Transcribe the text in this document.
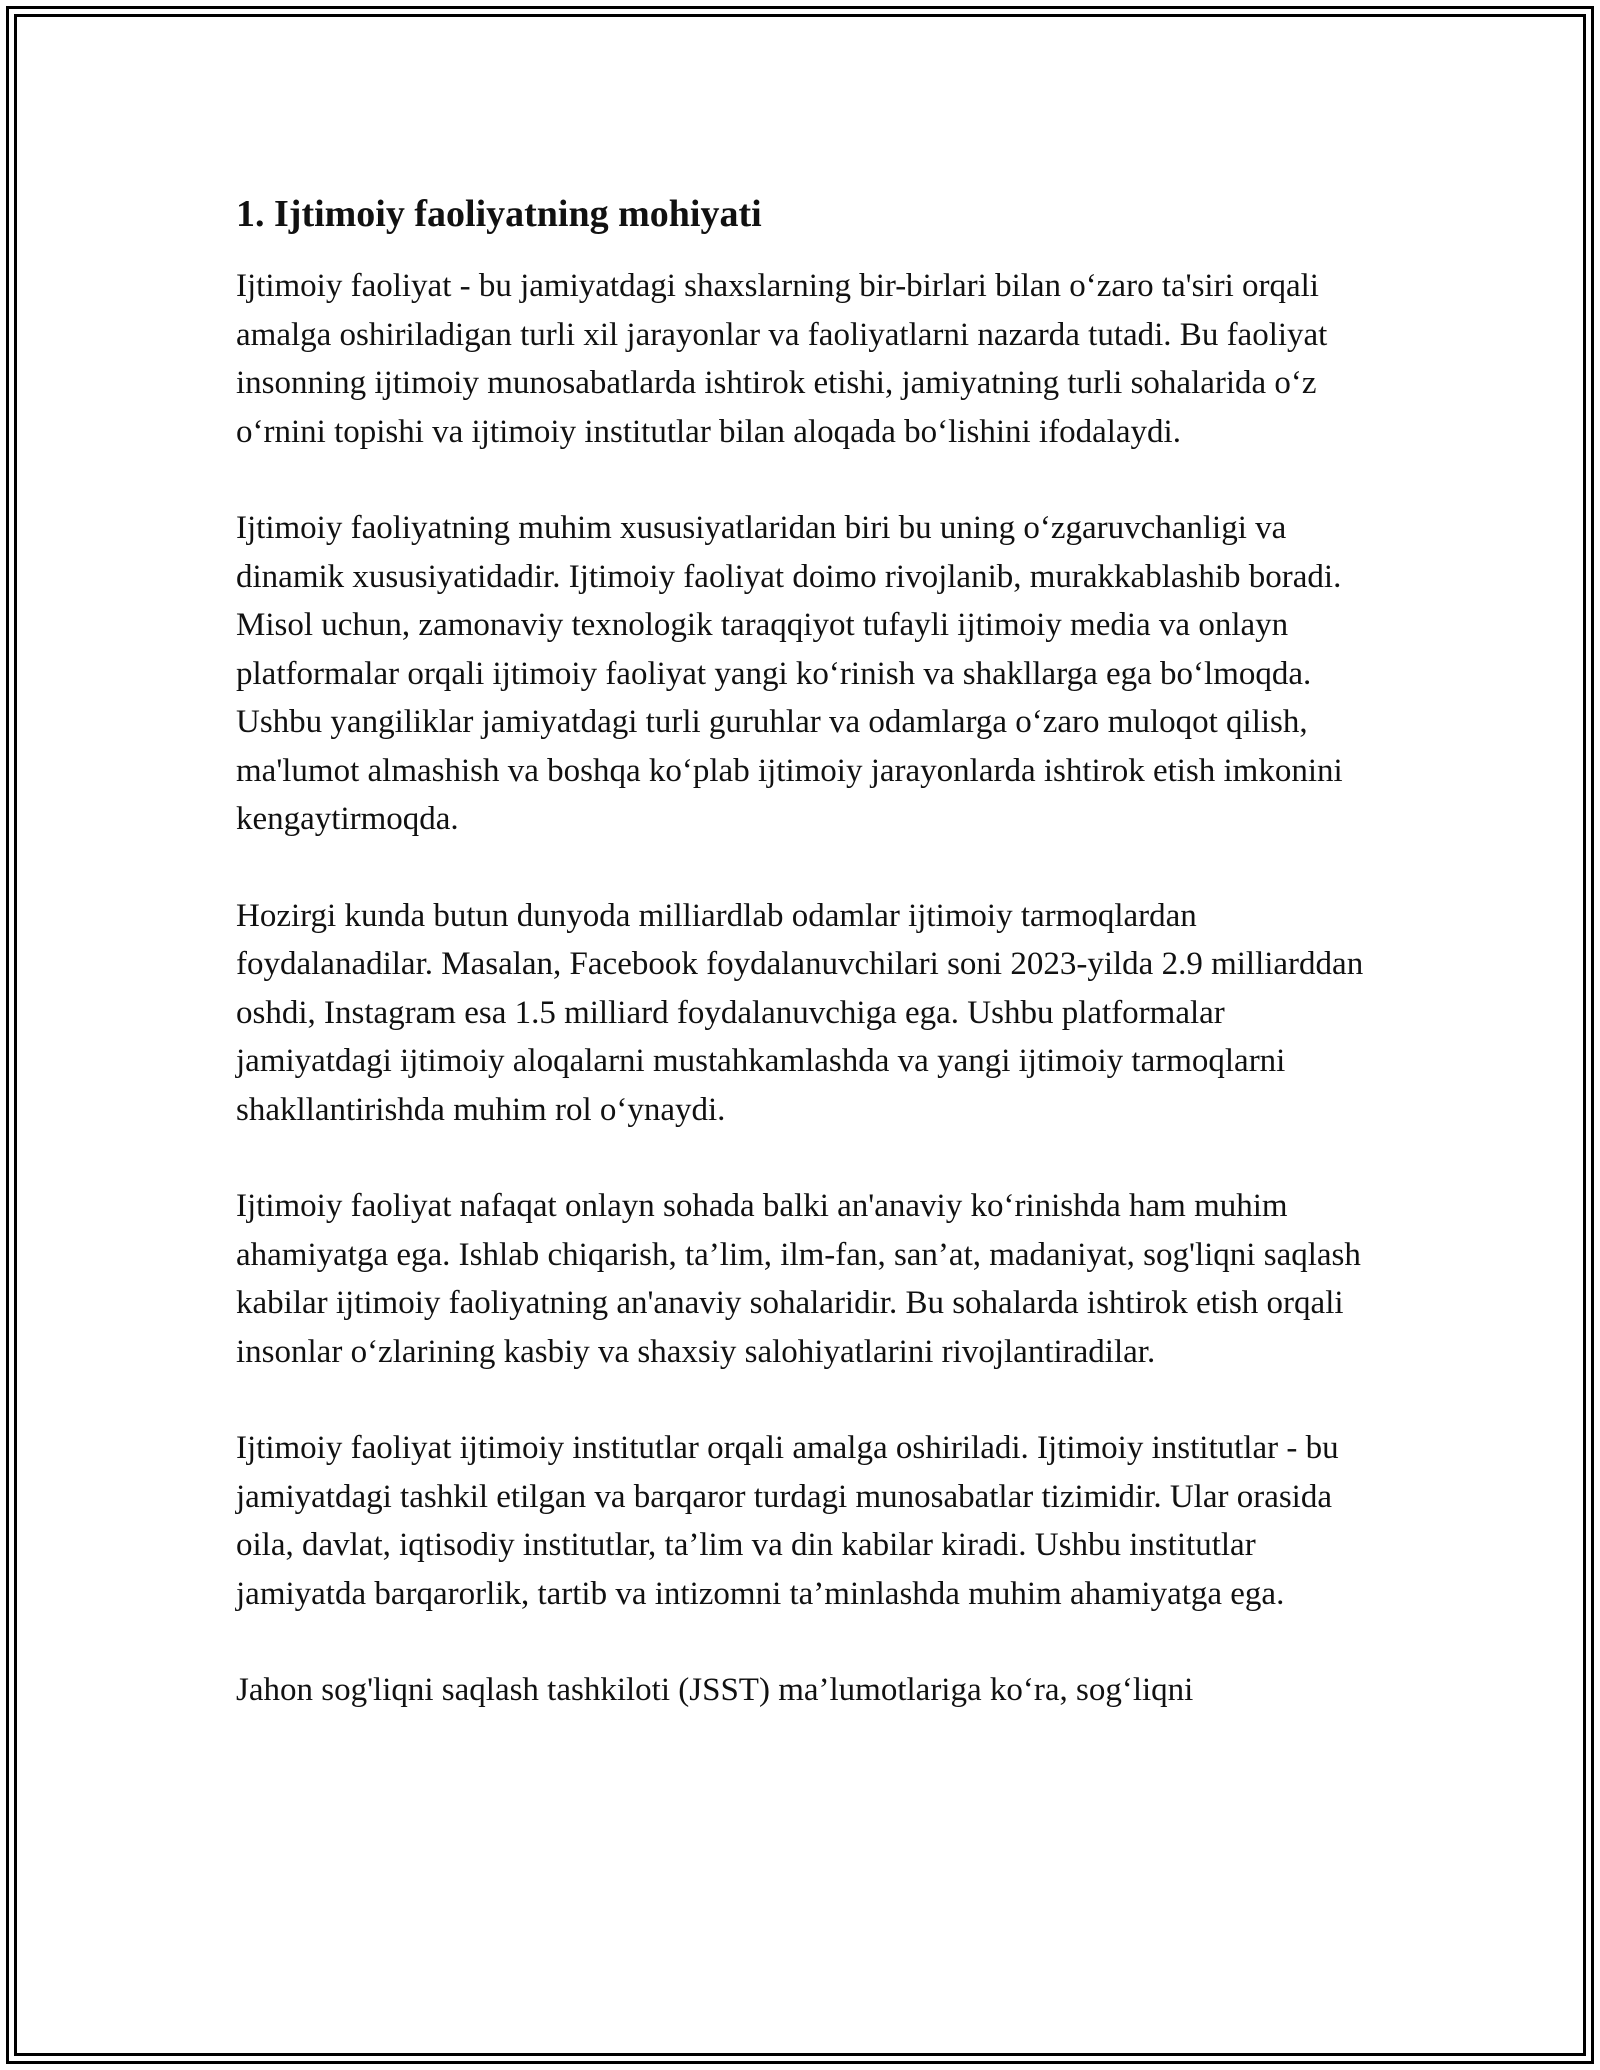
1. Ijtimoiy faoliyatning mohiyati

Ijtimoiy faoliyat - bu jamiyatdagi shaxslarning bir-birlari bilan o‘zaro ta'siri orqali amalga oshiriladigan turli xil jarayonlar va faoliyatlarni nazarda tutadi. Bu faoliyat insonning ijtimoiy munosabatlarda ishtirok etishi, jamiyatning turli sohalarida o‘z o‘rnini topishi va ijtimoiy institutlar bilan aloqada bo‘lishini ifodalaydi.

Ijtimoiy faoliyatning muhim xususiyatlaridan biri bu uning o‘zgaruvchanligi va dinamik xususiyatidadir. Ijtimoiy faoliyat doimo rivojlanib, murakkablashib boradi. Misol uchun, zamonaviy texnologik taraqqiyot tufayli ijtimoiy media va onlayn platformalar orqali ijtimoiy faoliyat yangi ko‘rinish va shakllarga ega bo‘lmoqda. Ushbu yangiliklar jamiyatdagi turli guruhlar va odamlarga o‘zaro muloqot qilish, ma'lumot almashish va boshqa ko‘plab ijtimoiy jarayonlarda ishtirok etish imkonini kengaytirmoqda.

Hozirgi kunda butun dunyoda milliardlab odamlar ijtimoiy tarmoqlardan foydalanadilar. Masalan, Facebook foydalanuvchilari soni 2023-yilda 2.9 milliarddan oshdi, Instagram esa 1.5 milliard foydalanuvchiga ega. Ushbu platformalar jamiyatdagi ijtimoiy aloqalarni mustahkamlashda va yangi ijtimoiy tarmoqlarni shakllantirishda muhim rol o‘ynaydi.

Ijtimoiy faoliyat nafaqat onlayn sohada balki an'anaviy ko‘rinishda ham muhim ahamiyatga ega. Ishlab chiqarish, ta’lim, ilm-fan, san’at, madaniyat, sog'liqni saqlash kabilar ijtimoiy faoliyatning an'anaviy sohalaridir. Bu sohalarda ishtirok etish orqali insonlar o‘zlarining kasbiy va shaxsiy salohiyatlarini rivojlantiradilar.

Ijtimoiy faoliyat ijtimoiy institutlar orqali amalga oshiriladi. Ijtimoiy institutlar - bu jamiyatdagi tashkil etilgan va barqaror turdagi munosabatlar tizimidir. Ular orasida oila, davlat, iqtisodiy institutlar, ta’lim va din kabilar kiradi. Ushbu institutlar jamiyatda barqarorlik, tartib va intizomni ta’minlashda muhim ahamiyatga ega.

Jahon sog'liqni saqlash tashkiloti (JSST) ma’lumotlariga ko‘ra, sog‘liqni
